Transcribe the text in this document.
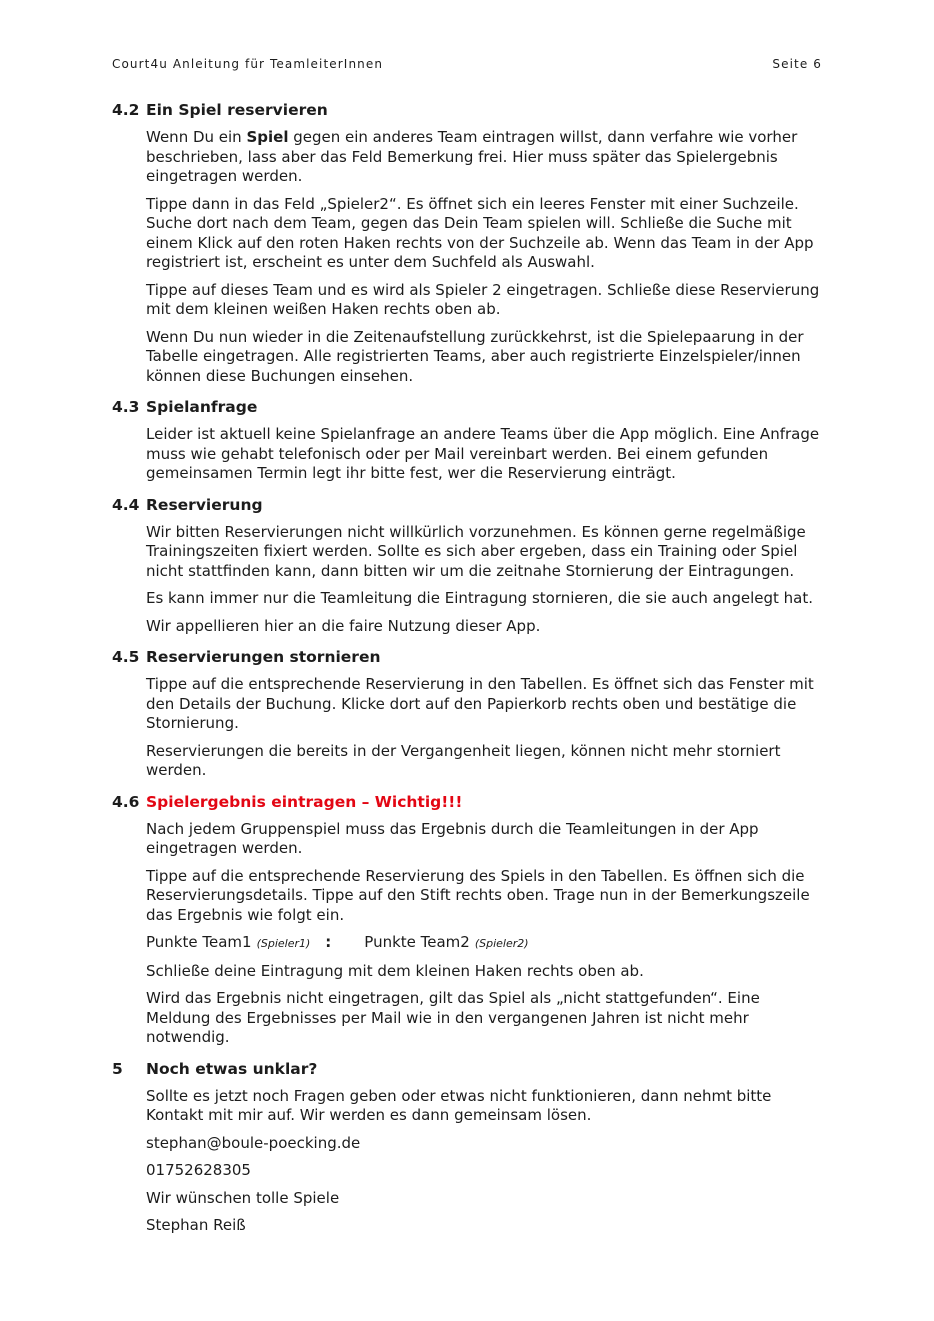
Court4u Anleitung für TeamleiterInnen	Seite 6
4.2 Ein Spiel reservieren

Wenn Du ein Spiel gegen ein anderes Team eintragen willst, dann verfahre wie vorher beschrieben, lass aber das Feld Bemerkung frei. Hier muss später das Spielergebnis eingetragen werden.

Tippe dann in das Feld „Spieler2“. Es öffnet sich ein leeres Fenster mit einer Suchzeile. Suche dort nach dem Team, gegen das Dein Team spielen will. Schließe die Suche mit einem Klick auf den roten Haken rechts von der Suchzeile ab. Wenn das Team in der App registriert ist, erscheint es unter dem Suchfeld als Auswahl.

Tippe auf dieses Team und es wird als Spieler 2 eingetragen. Schließe diese Reservierung mit dem kleinen weißen Haken rechts oben ab.

Wenn Du nun wieder in die Zeitenaufstellung zurückkehrst, ist die Spielepaarung in der Tabelle eingetragen. Alle registrierten Teams, aber auch registrierte Einzelspieler/innen können diese Buchungen einsehen.

4.3 Spielanfrage

Leider ist aktuell keine Spielanfrage an andere Teams über die App möglich. Eine Anfrage muss wie gehabt telefonisch oder per Mail vereinbart werden. Bei einem gefunden gemeinsamen Termin legt ihr bitte fest, wer die Reservierung einträgt.

4.4 Reservierung

Wir bitten Reservierungen nicht willkürlich vorzunehmen. Es können gerne regelmäßige Trainingszeiten fixiert werden. Sollte es sich aber ergeben, dass ein Training oder Spiel nicht stattfinden kann, dann bitten wir um die zeitnahe Stornierung der Eintragungen.

Es kann immer nur die Teamleitung die Eintragung stornieren, die sie auch angelegt hat.

Wir appellieren hier an die faire Nutzung dieser App.

4.5 Reservierungen stornieren

Tippe auf die entsprechende Reservierung in den Tabellen. Es öffnet sich das Fenster mit den Details der Buchung. Klicke dort auf den Papierkorb rechts oben und bestätige die Stornierung.

Reservierungen die bereits in der Vergangenheit liegen, können nicht mehr storniert werden.

4.6 Spielergebnis eintragen – Wichtig!!!

Nach jedem Gruppenspiel muss das Ergebnis durch die Teamleitungen in der App eingetragen werden.

Tippe auf die entsprechende Reservierung des Spiels in den Tabellen. Es öffnen sich die Reservierungsdetails. Tippe auf den Stift rechts oben. Trage nun in der Bemerkungszeile das Ergebnis wie folgt ein.

Punkte Team1 (Spieler1) : Punkte Team2 (Spieler2)

Schließe deine Eintragung mit dem kleinen Haken rechts oben ab.

Wird das Ergebnis nicht eingetragen, gilt das Spiel als „nicht stattgefunden“. Eine Meldung des Ergebnisses per Mail wie in den vergangenen Jahren ist nicht mehr notwendig.

5	Noch etwas unklar?

Sollte es jetzt noch Fragen geben oder etwas nicht funktionieren, dann nehmt bitte Kontakt mit mir auf. Wir werden es dann gemeinsam lösen.

stephan@boule-poecking.de

01752628305

Wir wünschen tolle Spiele

Stephan Reiß
